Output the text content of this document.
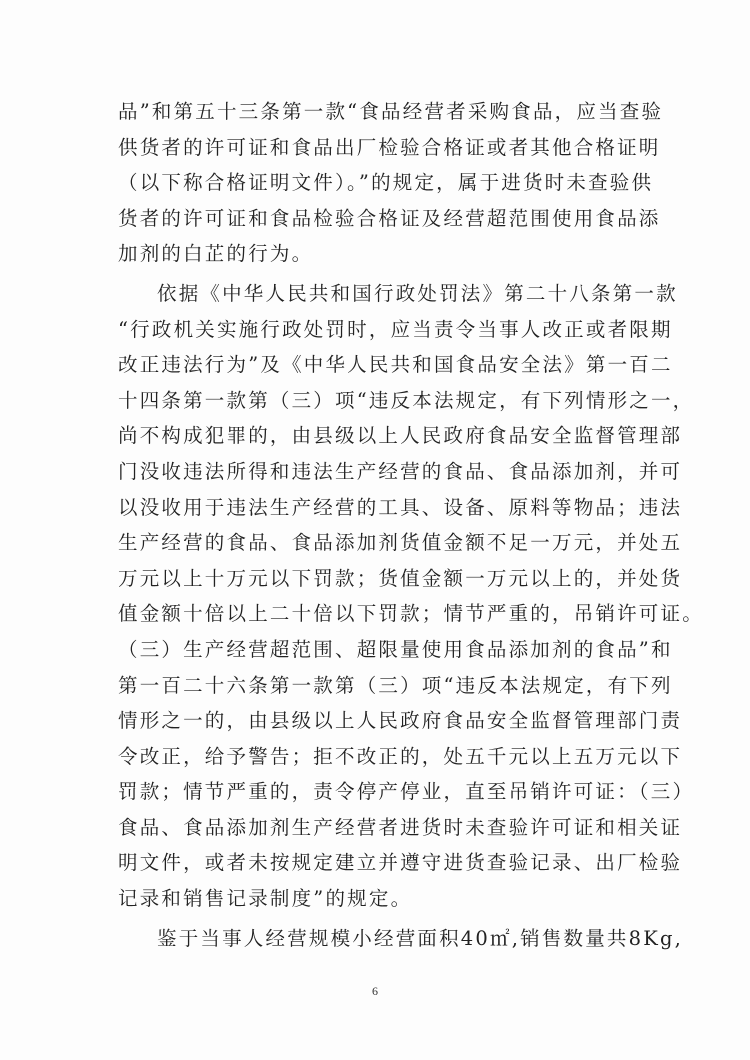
品”和第五十三条第一款“食品经营者采购食品，应当查验
供货者的许可证和食品出厂检验合格证或者其他合格证明
（以下称合格证明文件）。”的规定，属于进货时未查验供
货者的许可证和食品检验合格证及经营超范围使用食品添
加剂的白芷的行为。
依据《中华人民共和国行政处罚法》第二十八条第一款
“行政机关实施行政处罚时，应当责令当事人改正或者限期
改正违法行为”及《中华人民共和国食品安全法》第一百二
十四条第一款第（三）项“违反本法规定，有下列情形之一，
尚不构成犯罪的，由县级以上人民政府食品安全监督管理部
门没收违法所得和违法生产经营的食品、食品添加剂，并可
以没收用于违法生产经营的工具、设备、原料等物品；违法
生产经营的食品、食品添加剂货值金额不足一万元，并处五
万元以上十万元以下罚款；货值金额一万元以上的，并处货
值金额十倍以上二十倍以下罚款；情节严重的，吊销许可证。
（三）生产经营超范围、超限量使用食品添加剂的食品”和
第一百二十六条第一款第（三）项“违反本法规定，有下列
情形之一的，由县级以上人民政府食品安全监督管理部门责
令改正，给予警告；拒不改正的，处五千元以上五万元以下
罚款；情节严重的，责令停产停业，直至吊销许可证：（三）
食品、食品添加剂生产经营者进货时未查验许可证和相关证
明文件，或者未按规定建立并遵守进货查验记录、出厂检验
记录和销售记录制度”的规定。
鉴于当事人经营规模小经营面积40㎡,销售数量共8Kg,
6
